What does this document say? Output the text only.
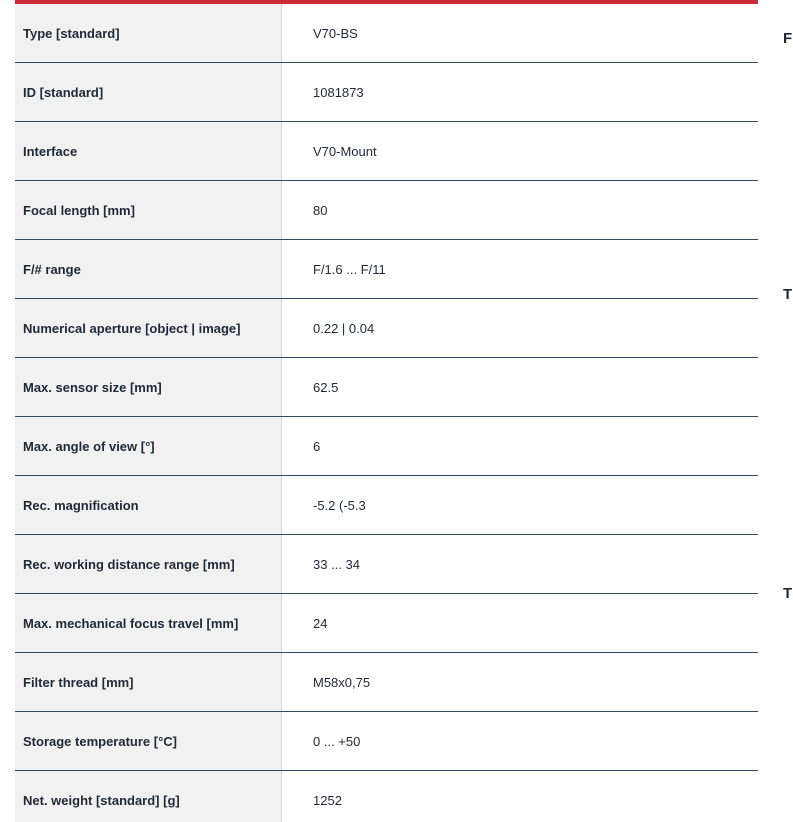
Type [standard]	V70-BS
ID [standard]	1081873
Interface	V70-Mount
Focal length [mm]	80
F/# range	F/1.6 ... F/11
Numerical aperture [object | image]	0.22 | 0.04
Max. sensor size [mm]	62.5
Max. angle of view [°]	6
Rec. magnification	-5.2 (-5.3
Rec. working distance range [mm]	33 ... 34
Max. mechanical focus travel [mm]	24
Filter thread [mm]	M58x0,75
Storage temperature [°C]	0 ... +50
Net. weight [standard] [g]	1252
F
T
T
